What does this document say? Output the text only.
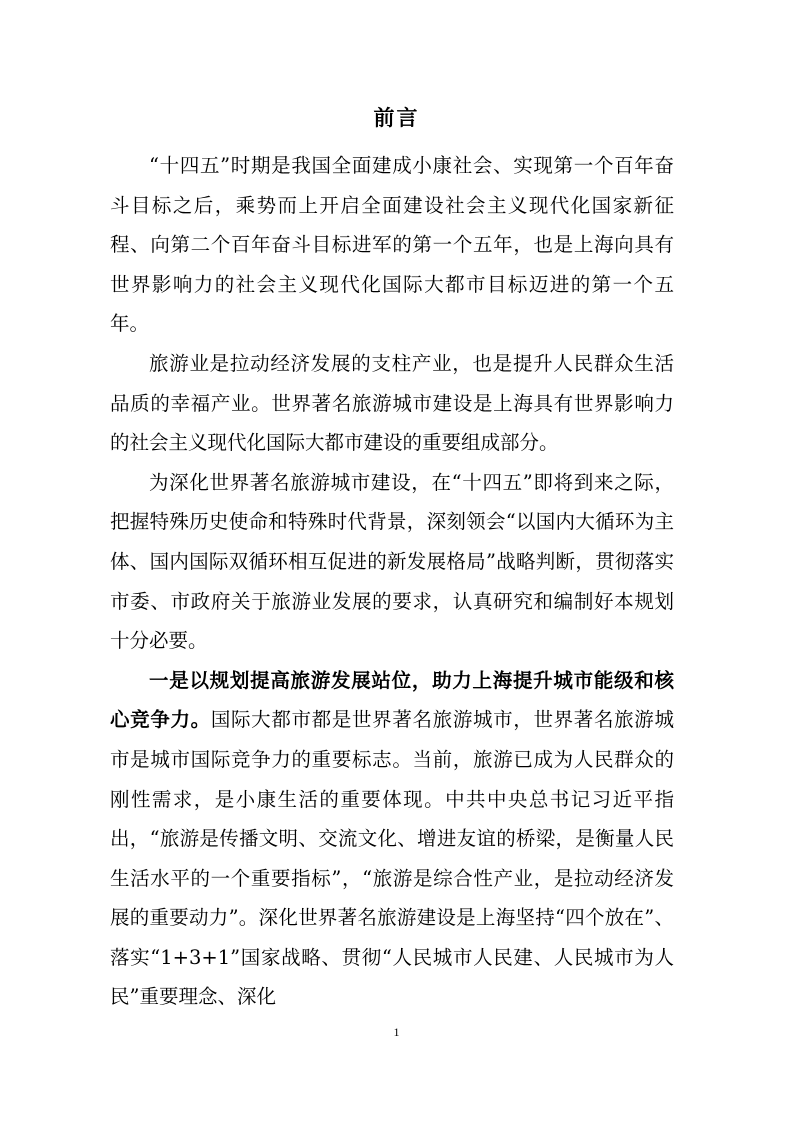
前言

“十四五”时期是我国全面建成小康社会、实现第一个百年奋斗目标之后，乘势而上开启全面建设社会主义现代化国家新征程、向第二个百年奋斗目标进军的第一个五年，也是上海向具有世界影响力的社会主义现代化国际大都市目标迈进的第一个五年。

旅游业是拉动经济发展的支柱产业，也是提升人民群众生活品质的幸福产业。世界著名旅游城市建设是上海具有世界影响力的社会主义现代化国际大都市建设的重要组成部分。

为深化世界著名旅游城市建设，在“十四五”即将到来之际，把握特殊历史使命和特殊时代背景，深刻领会“以国内大循环为主体、国内国际双循环相互促进的新发展格局”战略判断，贯彻落实市委、市政府关于旅游业发展的要求，认真研究和编制好本规划十分必要。

一是以规划提高旅游发展站位，助力上海提升城市能级和核心竞争力。国际大都市都是世界著名旅游城市，世界著名旅游城市是城市国际竞争力的重要标志。当前，旅游已成为人民群众的刚性需求，是小康生活的重要体现。中共中央总书记习近平指出，“旅游是传播文明、交流文化、增进友谊的桥梁，是衡量人民生活水平的一个重要指标”，“旅游是综合性产业，是拉动经济发展的重要动力”。深化世界著名旅游建设是上海坚持“四个放在”、落实“1+3+1”国家战略、贯彻“人民城市人民建、人民城市为人民”重要理念、深化

1
